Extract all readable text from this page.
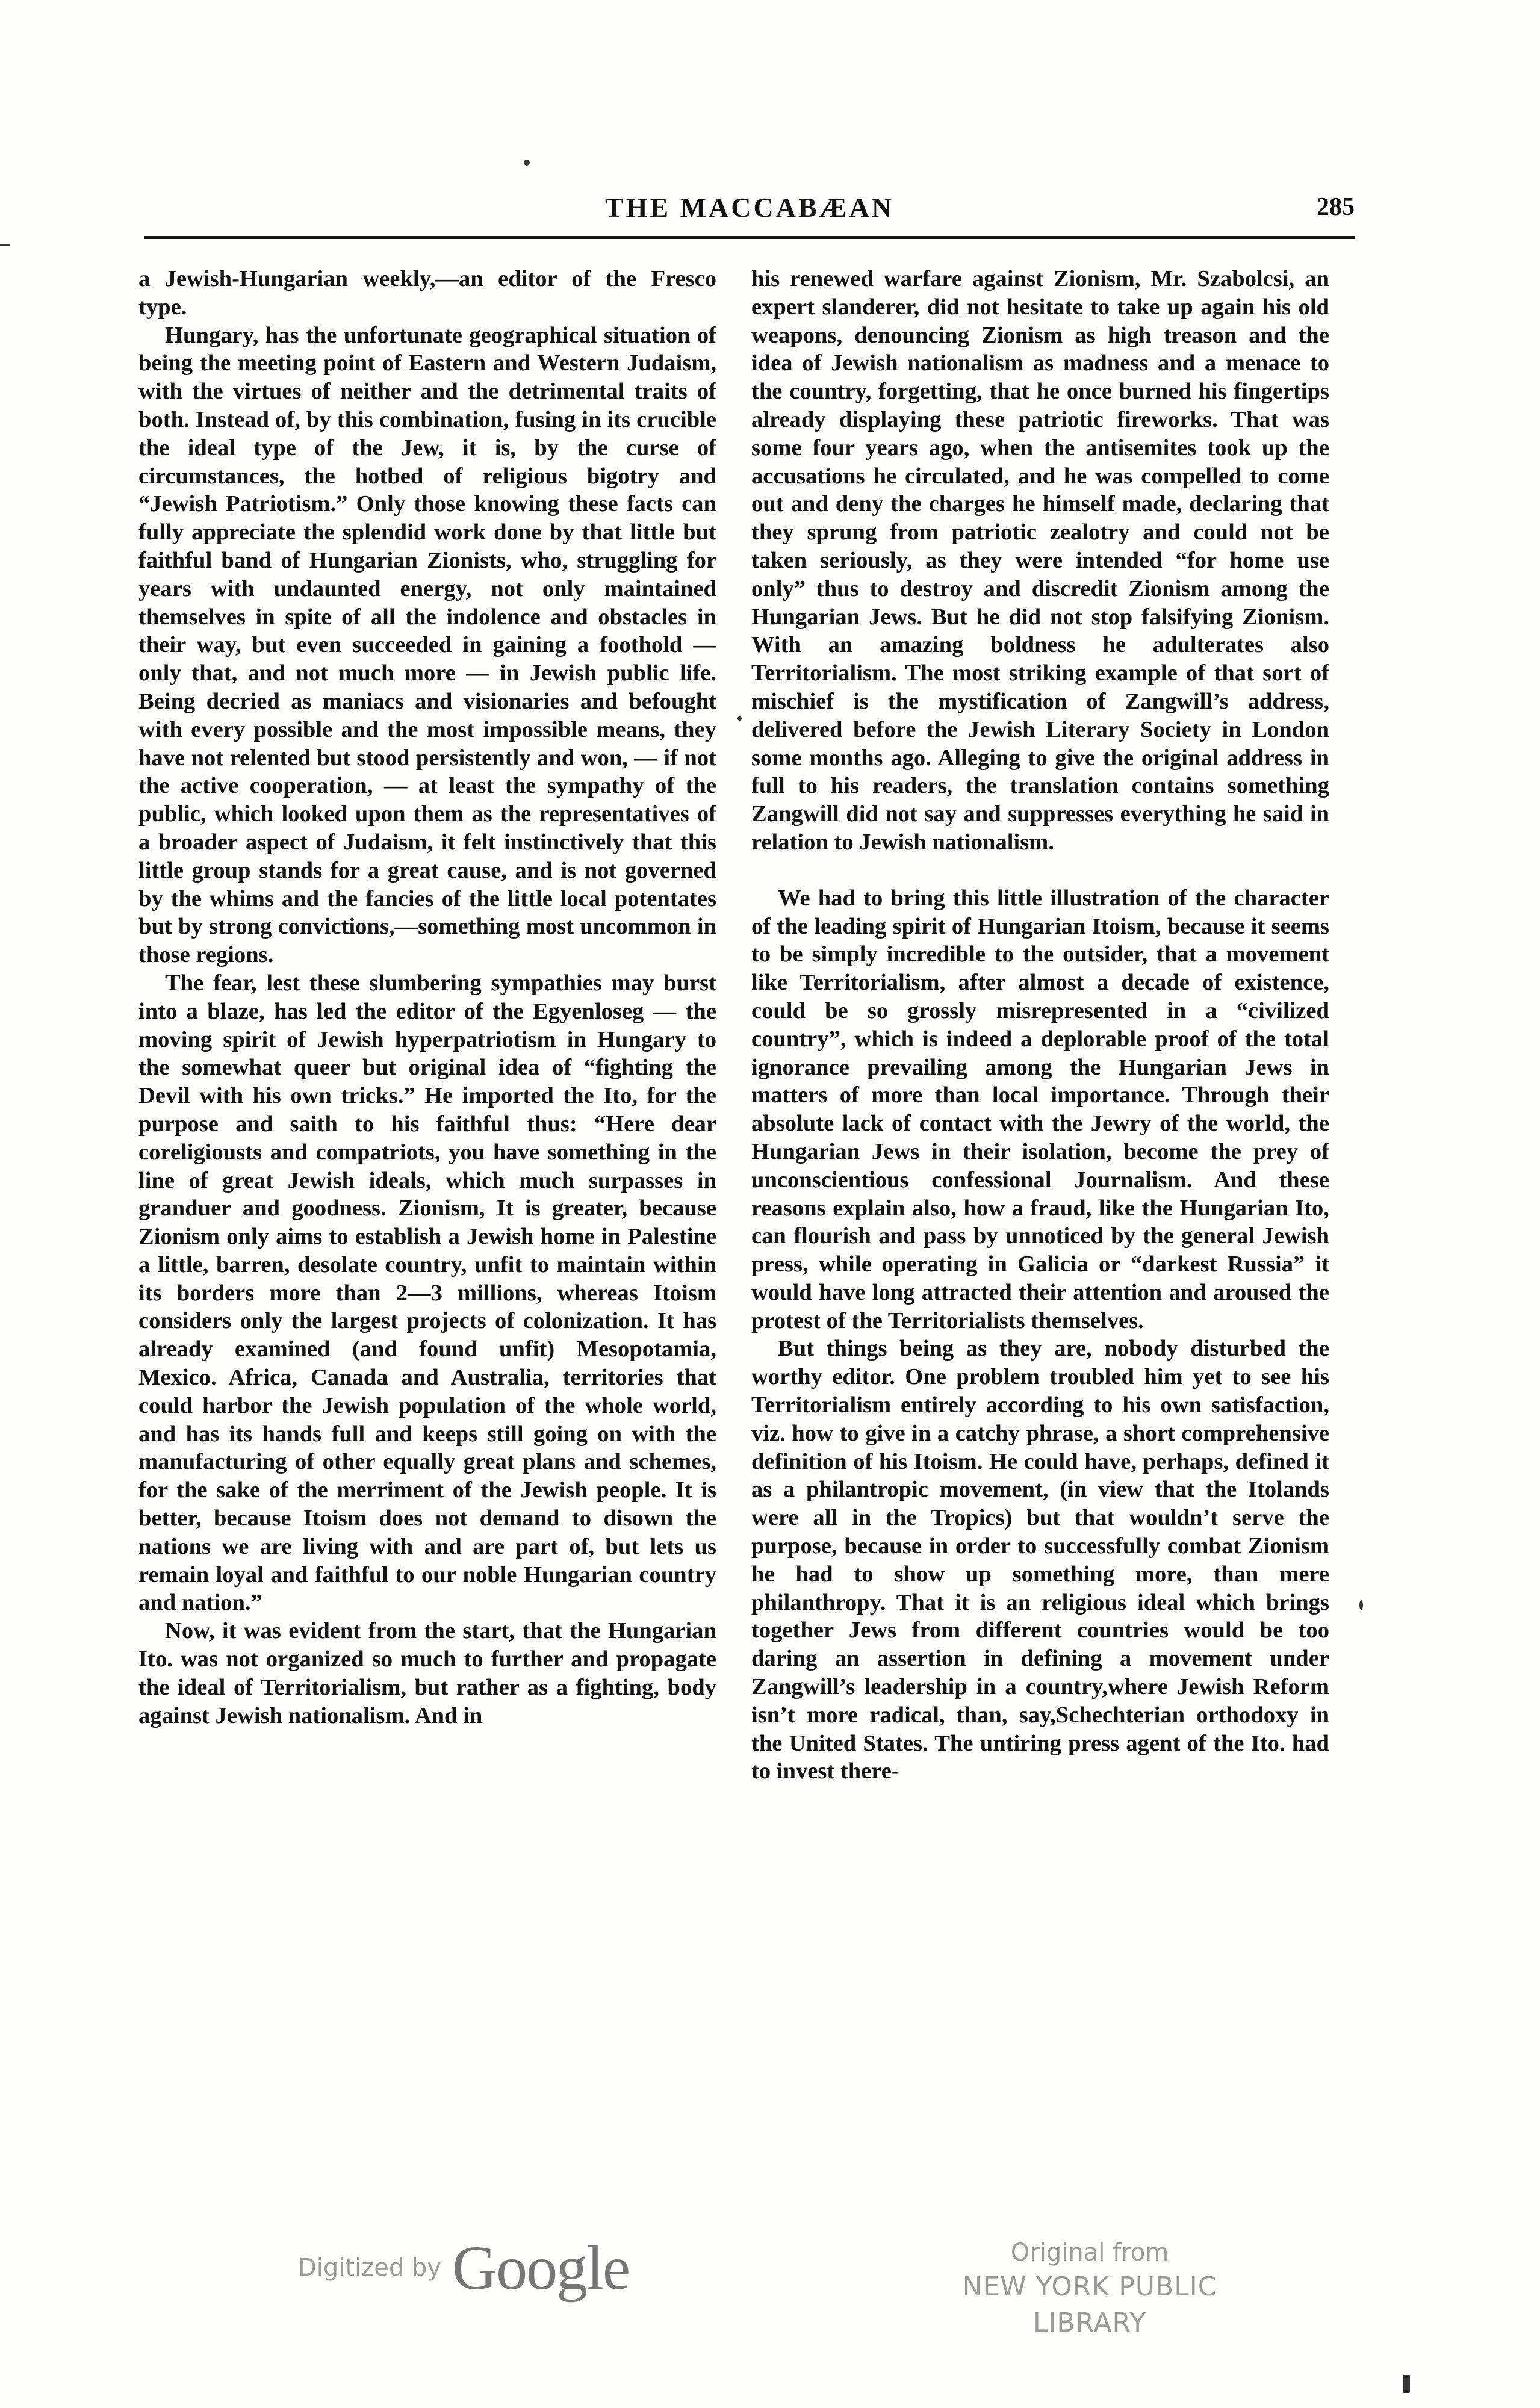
THE MACCABÆAN	285

a Jewish-Hungarian weekly,—an editor of the Fresco type.

Hungary, has the unfortunate geographical situation of being the meeting point of Eastern and Western Judaism, with the virtues of neither and the detrimental traits of both. Instead of, by this combination, fusing in its crucible the ideal type of the Jew, it is, by the curse of circumstances, the hotbed of religious bigotry and “Jewish Patriotism.” Only those knowing these facts can fully appreciate the splendid work done by that little but faithful band of Hungarian Zionists, who, struggling for years with undaunted energy, not only maintained themselves in spite of all the indolence and obstacles in their way, but even succeeded in gaining a foothold — only that, and not much more — in Jewish public life. Being decried as maniacs and visionaries and befought with every possible and the most impossible means, they have not relented but stood persistently and won, — if not the active cooperation, — at least the sympathy of the public, which looked upon them as the representatives of a broader aspect of Judaism, it felt instinctively that this little group stands for a great cause, and is not governed by the whims and the fancies of the little local potentates but by strong convictions,—something most uncommon in those regions.

The fear, lest these slumbering sympathies may burst into a blaze, has led the editor of the Egyenloseg — the moving spirit of Jewish hyperpatriotism in Hungary to the somewhat queer but original idea of “fighting the Devil with his own tricks.” He imported the Ito, for the purpose and saith to his faithful thus: “Here dear coreligiousts and compatriots, you have something in the line of great Jewish ideals, which much surpasses in granduer and goodness. Zionism, It is greater, because Zionism only aims to establish a Jewish home in Palestine a little, barren, desolate country, unfit to maintain within its borders more than 2—3 millions, whereas Itoism considers only the largest projects of colonization. It has already examined (and found unfit) Mesopotamia, Mexico. Africa, Canada and Australia, territories that could harbor the Jewish population of the whole world, and has its hands full and keeps still going on with the manufacturing of other equally great plans and schemes, for the sake of the merriment of the Jewish people. It is better, because Itoism does not demand to disown the nations we are living with and are part of, but lets us remain loyal and faithful to our noble Hungarian country and nation.”

Now, it was evident from the start, that the Hungarian Ito. was not organized so much to further and propagate the ideal of Territorialism, but rather as a fighting, body against Jewish nationalism. And in

his renewed warfare against Zionism, Mr. Szabolcsi, an expert slanderer, did not hesitate to take up again his old weapons, denouncing Zionism as high treason and the idea of Jewish nationalism as madness and a menace to the country, forgetting, that he once burned his fingertips already displaying these patriotic fireworks. That was some four years ago, when the antisemites took up the accusations he circulated, and he was compelled to come out and deny the charges he himself made, declaring that they sprung from patriotic zealotry and could not be taken seriously, as they were intended “for home use only” thus to destroy and discredit Zionism among the Hungarian Jews. But he did not stop falsifying Zionism. With an amazing boldness he adulterates also Territorialism. The most striking example of that sort of mischief is the mystification of Zangwill’s address, delivered before the Jewish Literary Society in London some months ago. Alleging to give the original address in full to his readers, the translation contains something Zangwill did not say and suppresses everything he said in relation to Jewish nationalism.

We had to bring this little illustration of the character of the leading spirit of Hungarian Itoism, because it seems to be simply incredible to the outsider, that a movement like Territorialism, after almost a decade of existence, could be so grossly misrepresented in a “civilized country”, which is indeed a deplorable proof of the total ignorance prevailing among the Hungarian Jews in matters of more than local importance. Through their absolute lack of contact with the Jewry of the world, the Hungarian Jews in their isolation, become the prey of unconscientious confessional Journalism. And these reasons explain also, how a fraud, like the Hungarian Ito, can flourish and pass by unnoticed by the general Jewish press, while operating in Galicia or “darkest Russia” it would have long attracted their attention and aroused the protest of the Territorialists themselves.

But things being as they are, nobody disturbed the worthy editor. One problem troubled him yet to see his Territorialism entirely according to his own satisfaction, viz. how to give in a catchy phrase, a short comprehensive definition of his Itoism. He could have, perhaps, defined it as a philantropic movement, (in view that the Itolands were all in the Tropics) but that wouldn’t serve the purpose, because in order to successfully combat Zionism he had to show up something more, than mere philanthropy. That it is an religious ideal which brings together Jews from different countries would be too daring an assertion in defining a movement under Zangwill’s leadership in a country,where Jewish Reform isn’t more radical, than, say,Schechterian orthodoxy in the United States. The untiring press agent of the Ito. had to invest there-

Digitized by Google	Original from
NEW YORK PUBLIC LIBRARY
